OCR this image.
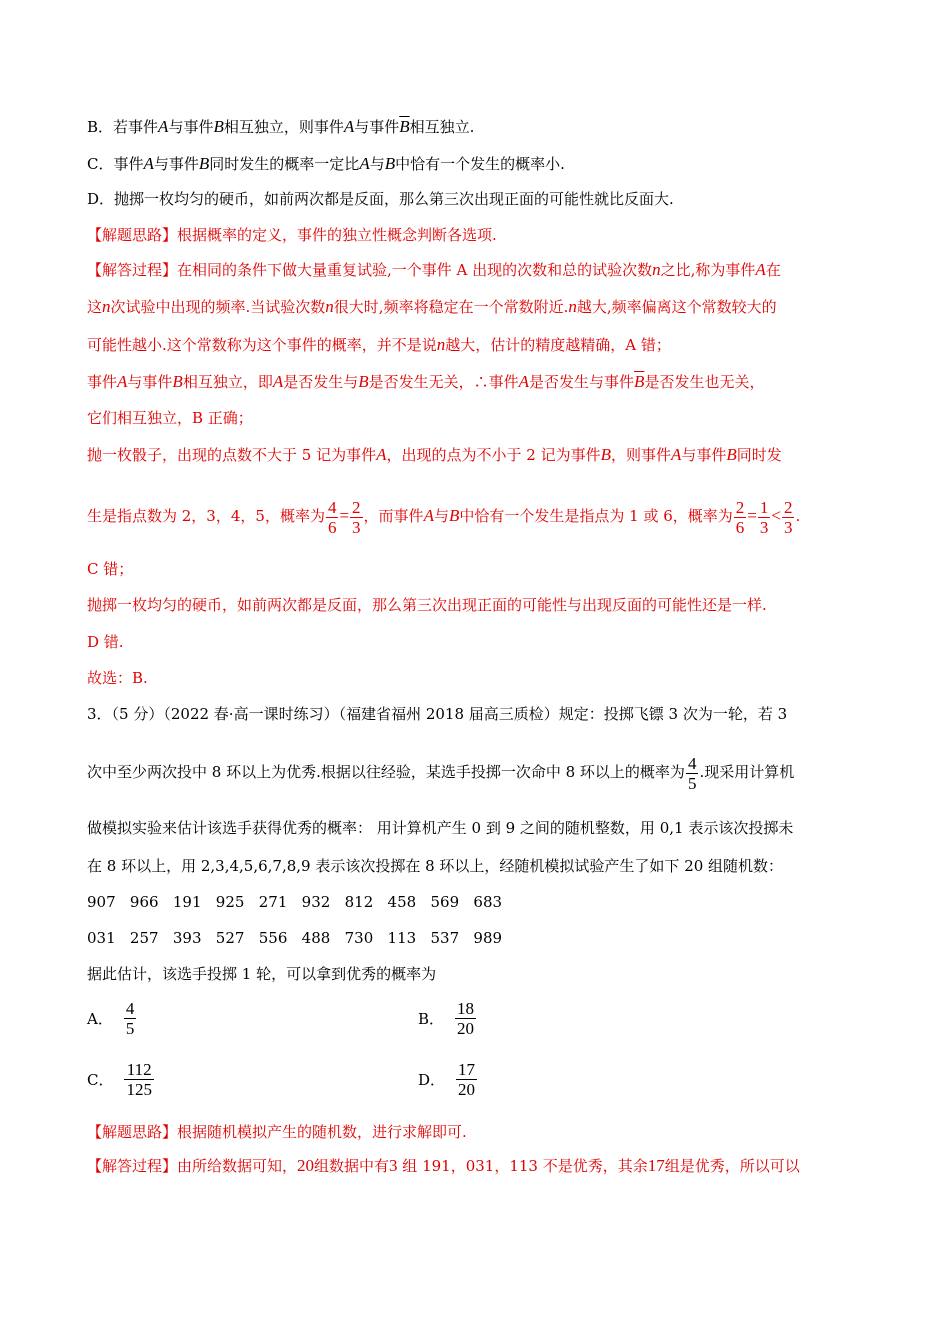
B．若事件A与事件B相互独立，则事件A与事件$\overline{B}$相互独立.
C．事件A与事件B同时发生的概率一定比A与B中恰有一个发生的概率小.
D．抛掷一枚均匀的硬币，如前两次都是反面，那么第三次出现正面的可能性就比反面大.
【解题思路】根据概率的定义，事件的独立性概念判断各选项.
【解答过程】在相同的条件下做大量重复试验,一个事件 A 出现的次数和总的试验次数n之比,称为事件A在
这n次试验中出现的频率.当试验次数n很大时,频率将稳定在一个常数附近.n越大,频率偏离这个常数较大的
可能性越小.这个常数称为这个事件的概率，并不是说n越大，估计的精度越精确，A 错；
事件A与事件B相互独立，即A是否发生与B是否发生无关，∴事件A是否发生与事件$\overline{B}$是否发生也无关，
它们相互独立，B 正确；
抛一枚骰子，出现的点数不大于 5 记为事件A，出现的点为不小于 2 记为事件B，则事件A与事件B同时发
生是指点数为 2，3，4，5，概率为 $\frac{4}{6} = \frac{2}{3}$ ，而事件A与B中恰有一个发生是指点为 1 或 6，概率为 $\frac{2}{6} = \frac{1}{3} < \frac{2}{3}$ .
C 错；
抛掷一枚均匀的硬币，如前两次都是反面，那么第三次出现正面的可能性与出现反面的可能性还是一样.
D 错.
故选：B.
3．（5 分）（2022 春·高一课时练习）（福建省福州 2018 届高三质检）规定：投掷飞镖 3 次为一轮，若 3
次中至少两次投中 8 环以上为优秀.根据以往经验，某选手投掷一次命中 8 环以上的概率为 $\frac{4}{5}$ .现采用计算机
做模拟实验来估计该选手获得优秀的概率： 用计算机产生 0 到 9 之间的随机整数，用 0,1 表示该次投掷未
在 8 环以上，用 2,3,4,5,6,7,8,9 表示该次投掷在 8 环以上，经随机模拟试验产生了如下 20 组随机数：
907   966   191   925   271   932   812   458   569   683
031   257   393   527   556   488   730   113   537   989
据此估计，该选手投掷 1 轮，可以拿到优秀的概率为
A． $\frac{4}{5}$	B． $\frac{18}{20}$
C． $\frac{112}{125}$	D． $\frac{17}{20}$
【解题思路】根据随机模拟产生的随机数，进行求解即可.
【解答过程】由所给数据可知，20组数据中有3 组 191，031，113 不是优秀，其余17组是优秀，所以可以
